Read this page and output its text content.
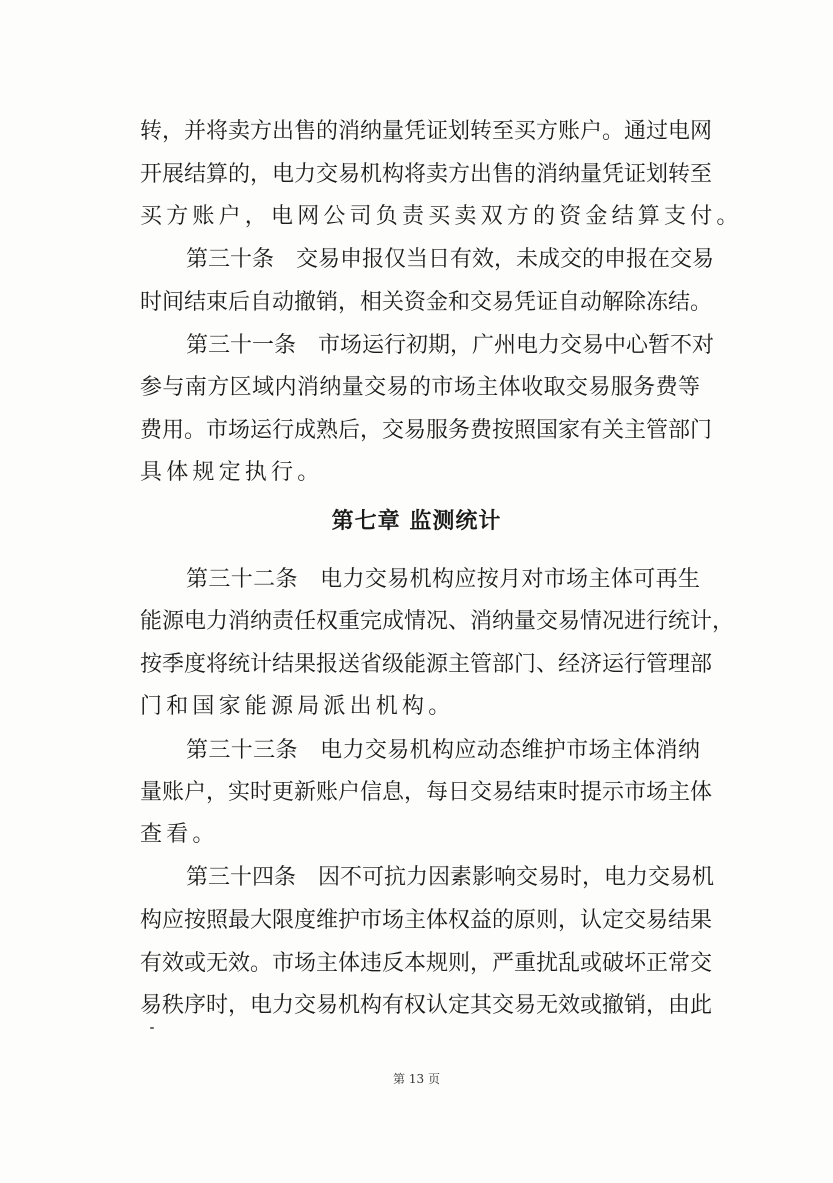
转，并将卖方出售的消纳量凭证划转至买方账户。通过电网
开展结算的，电力交易机构将卖方出售的消纳量凭证划转至
买方账户，电网公司负责买卖双方的资金结算支付。
第三十条　交易申报仅当日有效，未成交的申报在交易
时间结束后自动撤销，相关资金和交易凭证自动解除冻结。
第三十一条　市场运行初期，广州电力交易中心暂不对
参与南方区域内消纳量交易的市场主体收取交易服务费等
费用。市场运行成熟后，交易服务费按照国家有关主管部门
具体规定执行。
第七章 监测统计
第三十二条　电力交易机构应按月对市场主体可再生
能源电力消纳责任权重完成情况、消纳量交易情况进行统计，
按季度将统计结果报送省级能源主管部门、经济运行管理部
门和国家能源局派出机构。
第三十三条　电力交易机构应动态维护市场主体消纳
量账户，实时更新账户信息，每日交易结束时提示市场主体
查看。
第三十四条　因不可抗力因素影响交易时，电力交易机
构应按照最大限度维护市场主体权益的原则，认定交易结果
有效或无效。市场主体违反本规则，严重扰乱或破坏正常交
易秩序时，电力交易机构有权认定其交易无效或撤销，由此
第 13 页
